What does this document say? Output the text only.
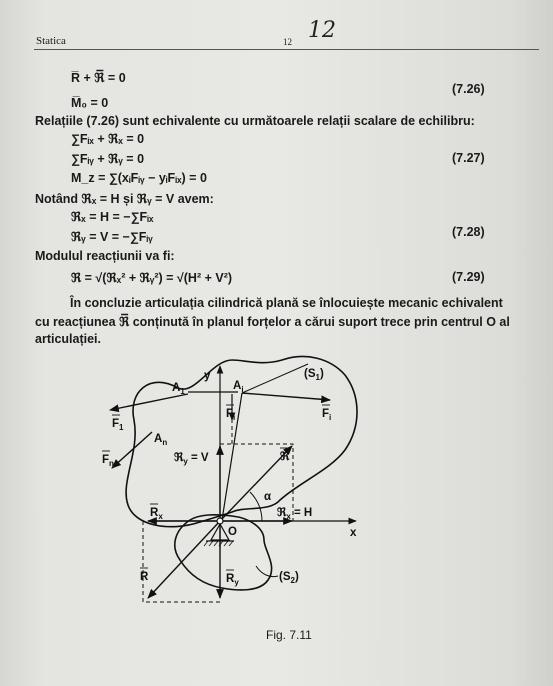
Statica	12 12
R̅ + ℜ̅ = 0
M̅₀ = 0
(7.26)
Relațiile (7.26) sunt echivalente cu următoarele relații scalare de echilibru:
∑Fᵢₓ + ℜₓ = 0
∑Fᵢᵧ + ℜᵧ = 0	(7.27)
M_z = ∑(xᵢFᵢᵧ − yᵢFᵢₓ) = 0
Notând ℜₓ = H și ℜᵧ = V avem:
ℜₓ = H = −∑Fᵢₓ
ℜᵧ = V = −∑Fᵢᵧ	(7.28)
Modulul reacțiunii va fi:
ℜ = √(ℜₓ² + ℜᵧ²) = √(H² + V²)	(7.29)
În concluzie articulația cilindrică plană se înlocuiește mecanic echivalent
cu reacțiunea ℜ̅ conținută în planul forțelor a cărui suport trece prin centrul O al
articulației.
y
x
$(S_1)$
$(S_2)$
$A_1$	$A_i$
$A_n$
$F_1$
$F_i$	$F_i$
$F_n$	ℜ$_y$ = V	ℜ
α
ℜ$_x$ = H
$R_x$
O
R	$R_y$
Fig. 7.11
